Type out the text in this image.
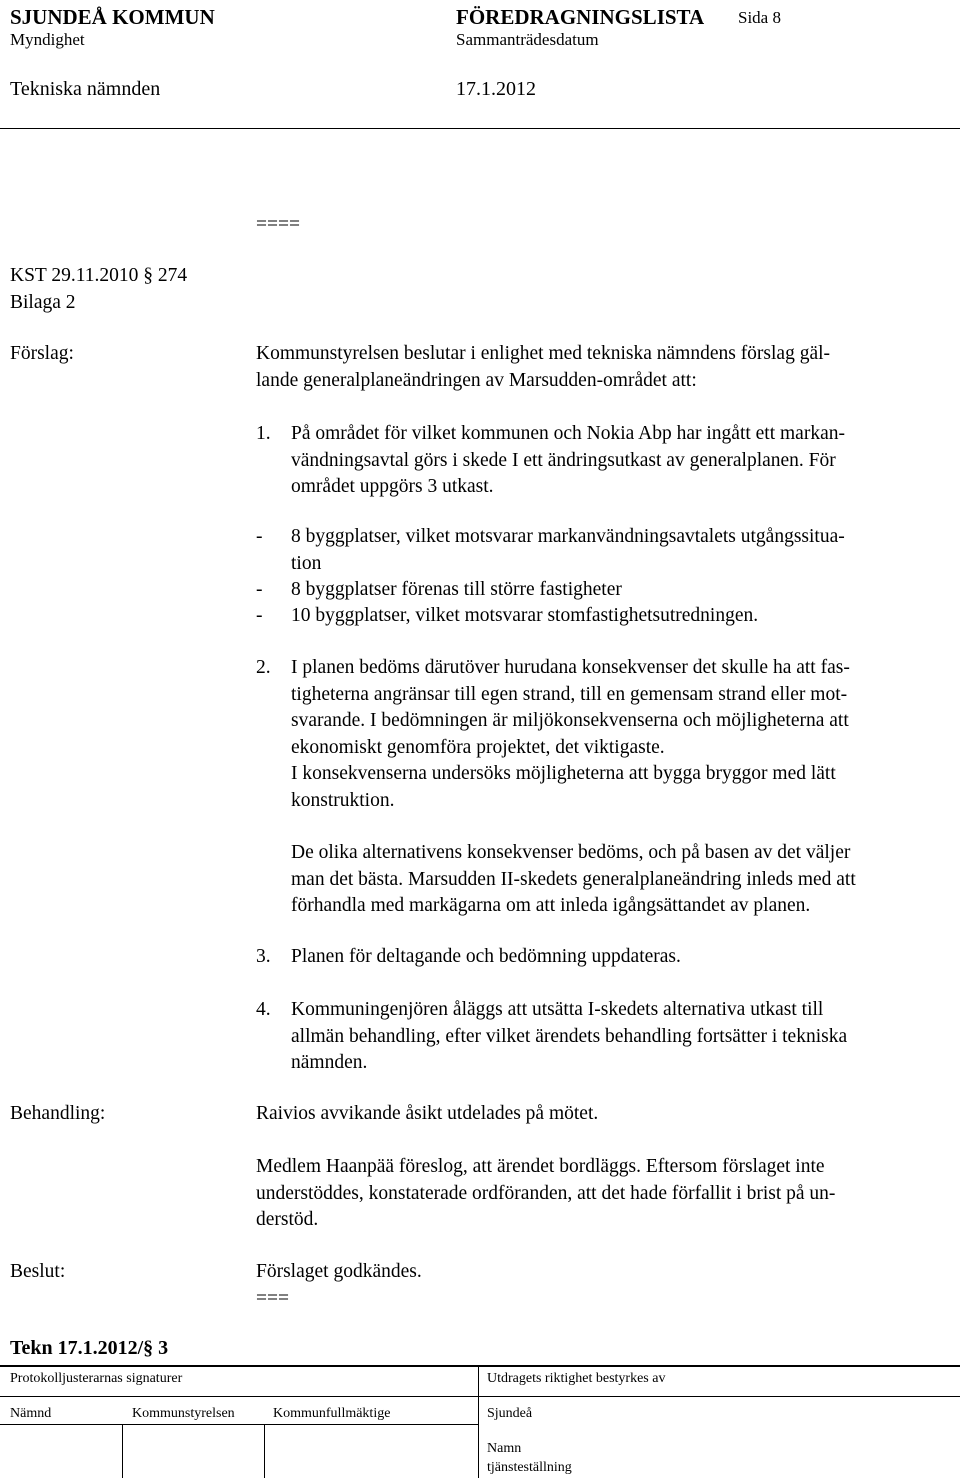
SJUNDEÅ KOMMUN	FÖREDRAGNINGSLISTA Sida 8
Myndighet	Sammanträdesdatum
Tekniska nämnden	17.1.2012
====
KST 29.11.2010 § 274
Bilaga 2
Förslag:	Kommunstyrelsen beslutar i enlighet med tekniska nämndens förslag gäl-
lande generalplaneändringen av Marsudden-området att:
1. På området för vilket kommunen och Nokia Abp har ingått ett markan-
vändningsavtal görs i skede I ett ändringsutkast av generalplanen. För
området uppgörs 3 utkast.
- 8 byggplatser, vilket motsvarar markanvändningsavtalets utgångssitua-
tion
- 8 byggplatser förenas till större fastigheter
- 10 byggplatser, vilket motsvarar stomfastighetsutredningen.
2. I planen bedöms därutöver hurudana konsekvenser det skulle ha att fas-
tigheterna angränsar till egen strand, till en gemensam strand eller mot-
svarande. I bedömningen är miljökonsekvenserna och möjligheterna att
ekonomiskt genomföra projektet, det viktigaste.
I konsekvenserna undersöks möjligheterna att bygga bryggor med lätt
konstruktion.
De olika alternativens konsekvenser bedöms, och på basen av det väljer
man det bästa. Marsudden II-skedets generalplaneändring inleds med att
förhandla med markägarna om att inleda igångsättandet av planen.
3. Planen för deltagande och bedömning uppdateras.
4. Kommuningenjören åläggs att utsätta I-skedets alternativa utkast till
allmän behandling, efter vilket ärendets behandling fortsätter i tekniska
nämnden.
Behandling:	Raivios avvikande åsikt utdelades på mötet.
Medlem Haanpää föreslog, att ärendet bordläggs. Eftersom förslaget inte
understöddes, konstaterade ordföranden, att det hade förfallit i brist på un-
derstöd.
Beslut:	Förslaget godkändes.
===
Tekn 17.1.2012/§ 3
Protokolljusterarnas signaturer	Utdragets riktighet bestyrkes av
Nämnd	Kommunstyrelsen	Kommunfullmäktige	Sjundeå
Namn
tjänsteställning
